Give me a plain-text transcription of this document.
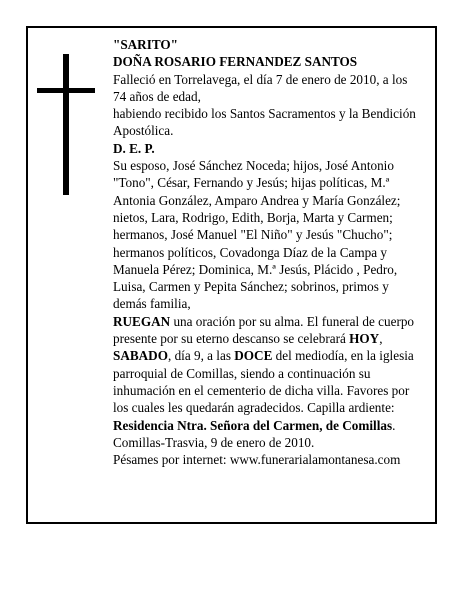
"SARITO"

DOÑA ROSARIO FERNANDEZ SANTOS

Falleció en Torrelavega, el día 7 de enero de 2010, a los 74 años de edad,

habiendo recibido los Santos Sacramentos y la Bendición Apostólica.

D. E. P.

Su esposo, José Sánchez Noceda; hijos, José Antonio "Tono", César, Fernando y Jesús; hijas políticas, M.ª Antonia González, Amparo Andrea y María González; nietos, Lara, Rodrigo, Edith, Borja, Marta y Carmen; hermanos, José Manuel "El Niño" y Jesús "Chucho"; hermanos políticos, Covadonga Díaz de la Campa y Manuela Pérez; Dominica, M.ª Jesús, Plácido , Pedro, Luisa, Carmen y Pepita Sánchez; sobrinos, primos y demás familia,

RUEGAN una oración por su alma. El funeral de cuerpo presente por su eterno descanso se celebrará HOY, SABADO, día 9, a las DOCE del mediodía, en la iglesia parroquial de Comillas, siendo a continuación su inhumación en el cementerio de dicha villa. Favores por los cuales les quedarán agradecidos. Capilla ardiente: Residencia Ntra. Señora del Carmen, de Comillas.

Comillas-Trasvia, 9 de enero de 2010.

Pésames por internet: www.funerarialamontanesa.com
